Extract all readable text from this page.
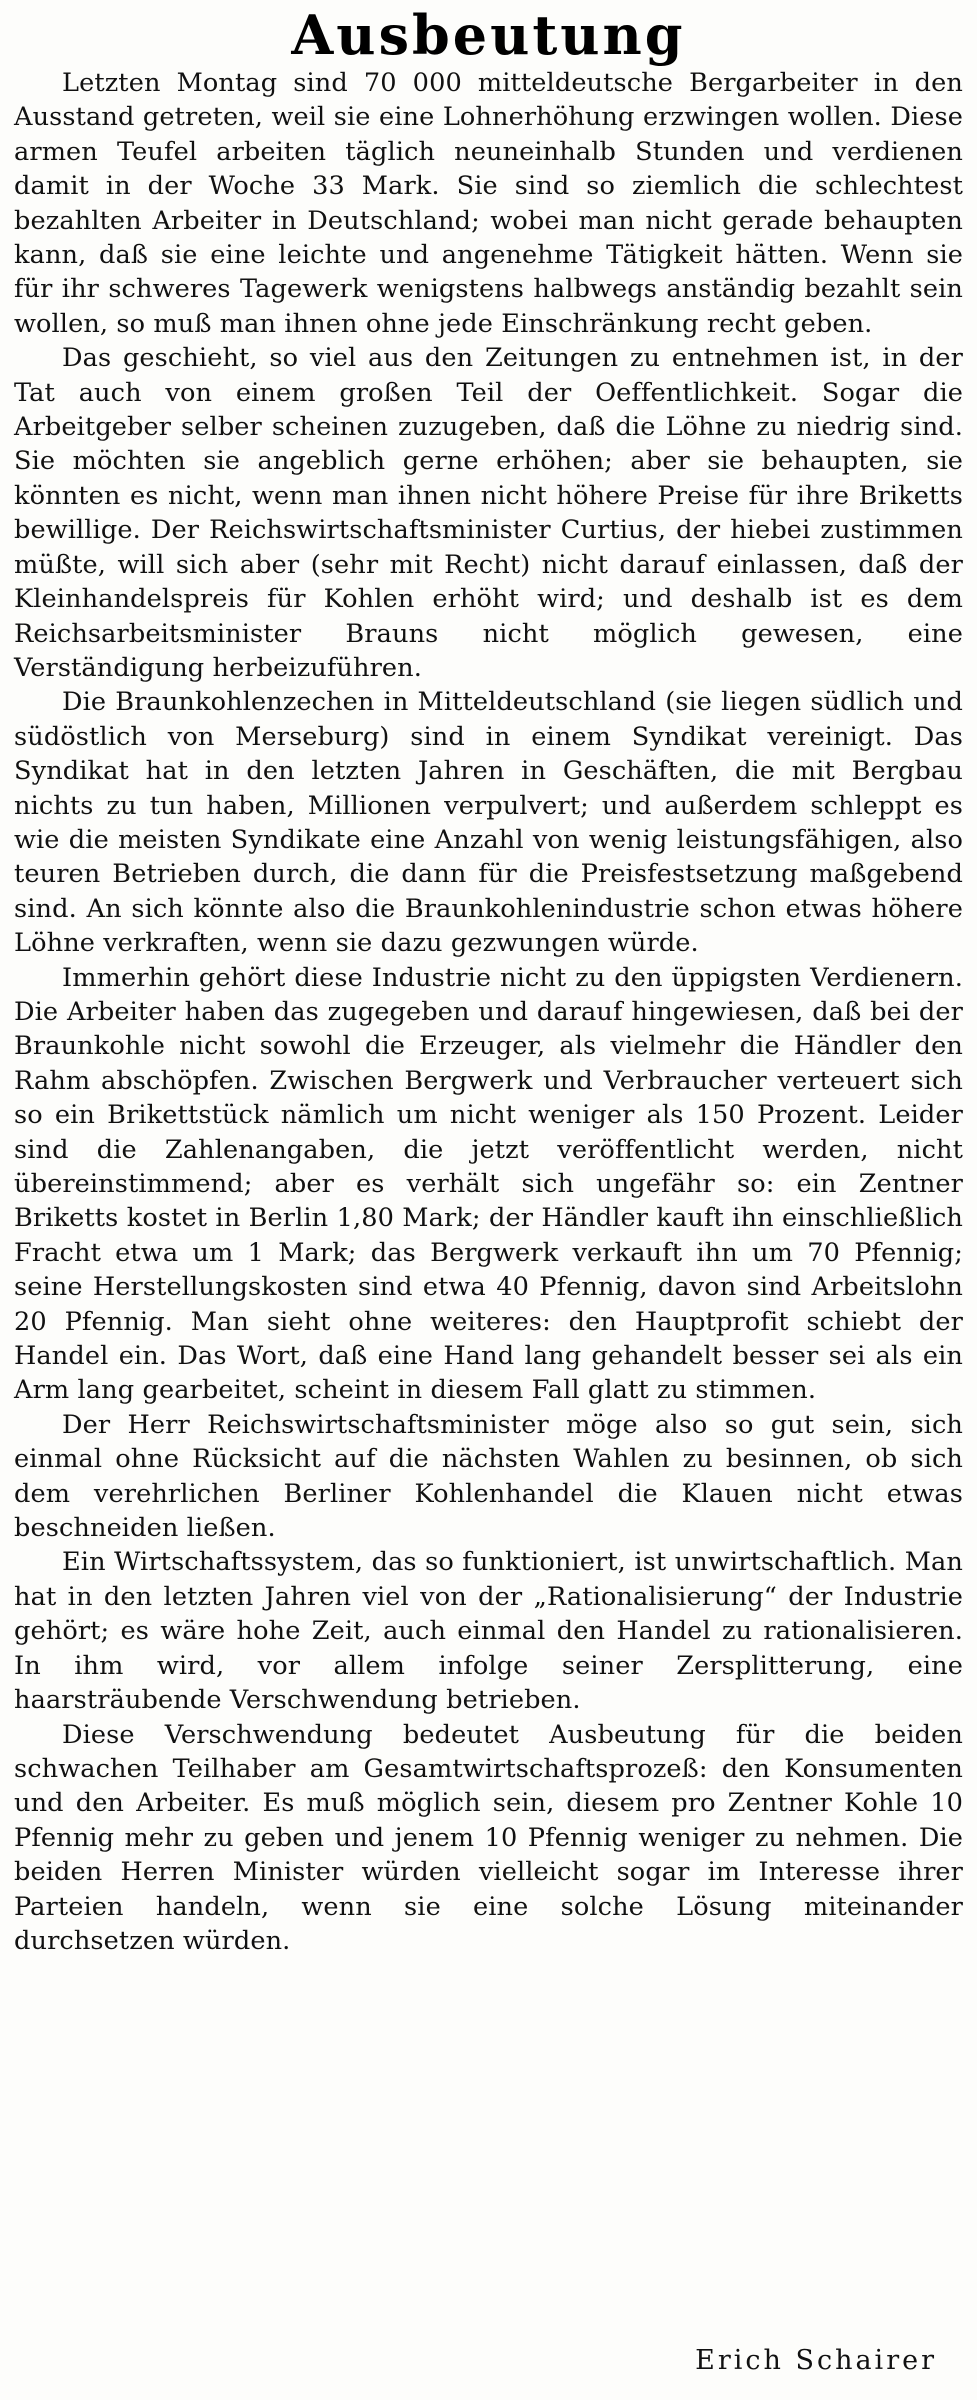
Ausbeutung

Letzten Montag sind 70 000 mitteldeutsche Bergarbeiter in den Ausstand getreten, weil sie eine Lohnerhöhung erzwingen wollen. Diese armen Teufel arbeiten täglich neuneinhalb Stunden und verdienen damit in der Woche 33 Mark. Sie sind so ziemlich die schlechtest bezahlten Arbeiter in Deutschland; wobei man nicht gerade behaupten kann, daß sie eine leichte und angenehme Tätigkeit hätten. Wenn sie für ihr schweres Tagewerk wenigstens halbwegs anständig bezahlt sein wollen, so muß man ihnen ohne jede Einschränkung recht geben.

Das geschieht, so viel aus den Zeitungen zu entnehmen ist, in der Tat auch von einem großen Teil der Oeffentlichkeit. Sogar die Arbeitgeber selber scheinen zuzugeben, daß die Löhne zu niedrig sind. Sie möchten sie angeblich gerne erhöhen; aber sie behaupten, sie könnten es nicht, wenn man ihnen nicht höhere Preise für ihre Briketts bewillige. Der Reichswirtschaftsminister Curtius, der hiebei zustimmen müßte, will sich aber (sehr mit Recht) nicht darauf einlassen, daß der Kleinhandelspreis für Kohlen erhöht wird; und deshalb ist es dem Reichsarbeitsminister Brauns nicht möglich gewesen, eine Verständigung herbeizuführen.

Die Braunkohlenzechen in Mitteldeutschland (sie liegen südlich und südöstlich von Merseburg) sind in einem Syndikat vereinigt. Das Syndikat hat in den letzten Jahren in Geschäften, die mit Bergbau nichts zu tun haben, Millionen verpulvert; und außerdem schleppt es wie die meisten Syndikate eine Anzahl von wenig leistungsfähigen, also teuren Betrieben durch, die dann für die Preisfestsetzung maßgebend sind. An sich könnte also die Braunkohlenindustrie schon etwas höhere Löhne verkraften, wenn sie dazu gezwungen würde.

Immerhin gehört diese Industrie nicht zu den üppigsten Verdienern. Die Arbeiter haben das zugegeben und darauf hingewiesen, daß bei der Braunkohle nicht sowohl die Erzeuger, als vielmehr die Händler den Rahm abschöpfen. Zwischen Bergwerk und Verbraucher verteuert sich so ein Brikettstück nämlich um nicht weniger als 150 Prozent. Leider sind die Zahlenangaben, die jetzt veröffentlicht werden, nicht übereinstimmend; aber es verhält sich ungefähr so: ein Zentner Briketts kostet in Berlin 1,80 Mark; der Händler kauft ihn einschließlich Fracht etwa um 1 Mark; das Bergwerk verkauft ihn um 70 Pfennig; seine Herstellungskosten sind etwa 40 Pfennig, davon sind Arbeitslohn 20 Pfennig. Man sieht ohne weiteres: den Hauptprofit schiebt der Handel ein. Das Wort, daß eine Hand lang gehandelt besser sei als ein Arm lang gearbeitet, scheint in diesem Fall glatt zu stimmen.

Der Herr Reichswirtschaftsminister möge also so gut sein, sich einmal ohne Rücksicht auf die nächsten Wahlen zu besinnen, ob sich dem verehrlichen Berliner Kohlenhandel die Klauen nicht etwas beschneiden ließen.

Ein Wirtschaftssystem, das so funktioniert, ist unwirtschaftlich. Man hat in den letzten Jahren viel von der „Rationalisierung“ der Industrie gehört; es wäre hohe Zeit, auch einmal den Handel zu rationalisieren. In ihm wird, vor allem infolge seiner Zersplitterung, eine haarsträubende Verschwendung betrieben.

Diese Verschwendung bedeutet Ausbeutung für die beiden schwachen Teilhaber am Gesamtwirtschaftsprozeß: den Konsumenten und den Arbeiter. Es muß möglich sein, diesem pro Zentner Kohle 10 Pfennig mehr zu geben und jenem 10 Pfennig weniger zu nehmen. Die beiden Herren Minister würden vielleicht sogar im Interesse ihrer Parteien handeln, wenn sie eine solche Lösung miteinander durchsetzen würden.

Erich Schairer
